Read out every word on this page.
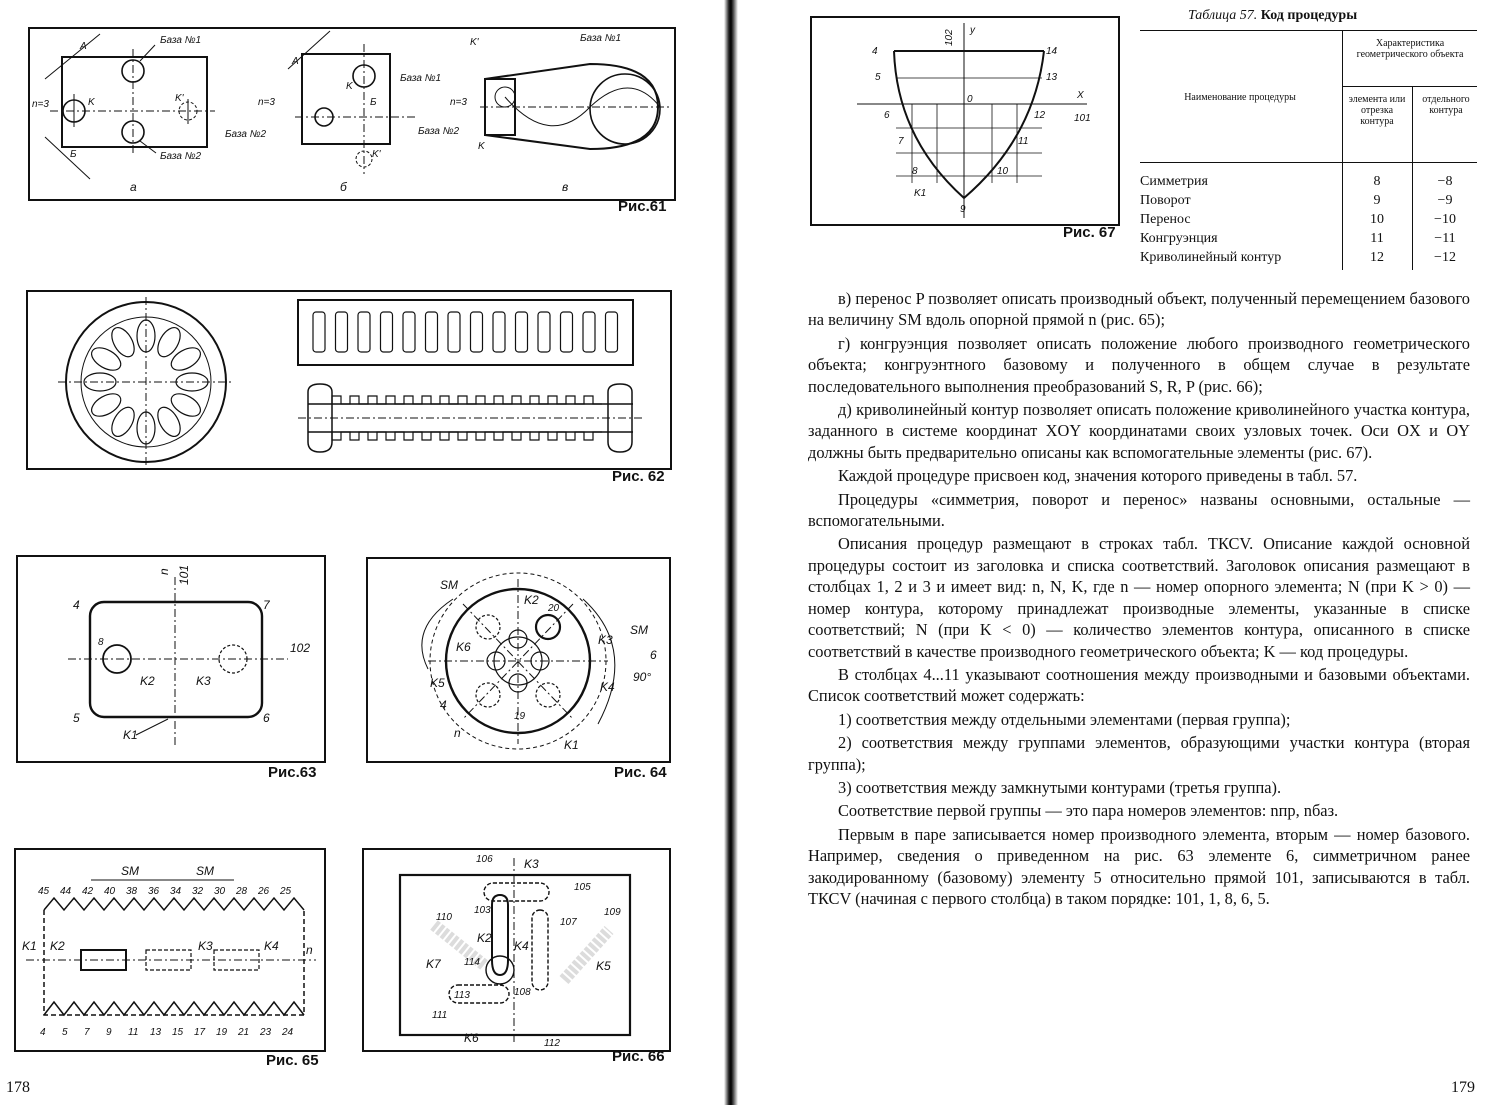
A
Б
База №1
База №2
n=3	K	K'
а
A
База №1
База №2
n=3
K
K'
Б
б
K'
K
n=3
База №1
База №2
в
Рис.61
Рис. 62
n 101
102
4	7
5	6
8
K2	K3
K1
Рис.63
SM
SM
K2
20
K6	K3
K5	K4
K1
n
6
90°
4
19
Рис. 64
SM	SM
K1 K2	K3	K4 n
45 44 42 40 38 36 34 32 30 28 26 25
4 5 7 9 11 13 15 17 19 21 23 24
Рис. 65
106	K3
105
K2
K4
K7	K5
K6
107
109
110
111
112
114
113	108
103
Рис. 66
178
102 y
4	14
5	13
0	X
101
6	12
7	11
8	10
K1
9
Рис. 67
Таблица 57. Код процедуры
Наименование процедуры
Характеристика геометрического объекта
элемента или отрезка контура
отдельного контура
Симметрия	8	−8
Поворот	9	−9
Перенос	10	−10
Конгруэнция	11	−11
Криволинейный контур	12	−12

в) перенос P позволяет описать производный объект, полученный перемещением базового на величину SM вдоль опорной прямой n (рис. 65);

г) конгруэнция позволяет описать положение любого производного геометрического объекта; конгруэнтного базовому и полученного в общем случае в результате последовательного выполнения преобразований S, R, P (рис. 66);

д) криволинейный контур позволяет описать положение криволинейного участка контура, заданного в системе координат XOY координатами своих узловых точек. Оси OX и OY должны быть предварительно описаны как вспомогательные элементы (рис. 67).

Каждой процедуре присвоен код, значения которого приведены в табл. 57.

Процедуры «симметрия, поворот и перенос» названы основными, остальные — вспомогательными.

Описания процедур размещают в строках табл. ТКСV. Описание каждой основной процедуры состоит из заголовка и списка соответствий. Заголовок описания размещают в столбцах 1, 2 и 3 и имеет вид: n, N, K, где n — номер опорного элемента; N (при K > 0) — номер контура, которому принадлежат производные элементы, указанные в списке соответствий; N (при K < 0) — количество элементов контура, описанного в списке соответствий в качестве производного геометрического объекта; K — код процедуры.

В столбцах 4...11 указывают соотношения между производными и базовыми объектами. Список соответствий может содержать:

1) соответствия между отдельными элементами (первая группа);

2) соответствия между группами элементов, образующими участки контура (вторая группа);

3) соответствия между замкнутыми контурами (третья группа).

Соответствие первой группы — это пара номеров элементов: nпр, nбаз.

Первым в паре записывается номер производного элемента, вторым — номер базового. Например, сведения о приведенном на рис. 63 элементе 6, симметричном ранее закодированному (базовому) элементу 5 относительно прямой 101, записываются в табл. ТКСV (начиная с первого столбца) в таком порядке: 101, 1, 8, 6, 5.

179
